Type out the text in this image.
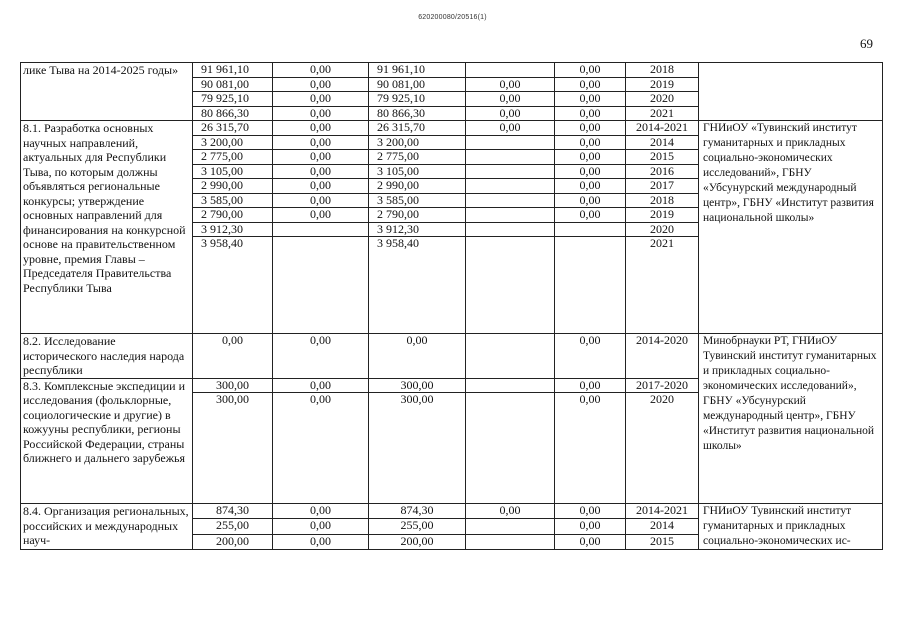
620200080/20516(1)
69
лике Тыва на 2014-2025 годы»	91 961,10	0,00	91 961,10		0,00	2018	
	90 081,00	0,00	90 081,00	0,00	0,00	2019	
	79 925,10	0,00	79 925,10	0,00	0,00	2020	
	80 866,30	0,00	80 866,30	0,00	0,00	2021	
8.1. Разработка основных научных направлений, актуальных для Республики Тыва, по которым должны объявляться региональные конкурсы; утверждение основных направлений для финансирования на конкурсной основе на правительственном уровне, премия Главы – Председателя Правительства Республики Тыва	26 315,70	0,00	26 315,70	0,00	0,00	2014-2021	ГНИиОУ «Тувинский институт гуманитарных и прикладных социально-экономических исследований», ГБНУ «Убсунурский международный центр», ГБНУ «Институт развития национальной школы»
	3 200,00	0,00	3 200,00		0,00	2014	
	2 775,00	0,00	2 775,00		0,00	2015	
	3 105,00	0,00	3 105,00		0,00	2016	
	2 990,00	0,00	2 990,00		0,00	2017	
	3 585,00	0,00	3 585,00		0,00	2018	
	2 790,00	0,00	2 790,00		0,00	2019	
	3 912,30		3 912,30			2020	
	3 958,40		3 958,40			2021	
8.2. Исследование исторического наследия народа республики	0,00	0,00	0,00		0,00	2014-2020	Минобрнауки РТ, ГНИиОУ Тувинский институт гуманитарных и прикладных социально-экономических исследований», ГБНУ «Убсунурский международный центр», ГБНУ «Институт развития национальной школы»
8.3. Комплексные экспедиции и исследования (фольклорные, социологические и другие) в кожууны республики, регионы Российской Федерации, страны ближнего и дальнего зарубежья	300,00	0,00	300,00		0,00	2017-2020	
	300,00	0,00	300,00		0,00	2020	
8.4. Организация региональных, российских и международных науч-	874,30	0,00	874,30	0,00	0,00	2014-2021	ГНИиОУ Тувинский институт гуманитарных и прикладных социально-экономических ис-
	255,00	0,00	255,00		0,00	2014	
	200,00	0,00	200,00		0,00	2015	
